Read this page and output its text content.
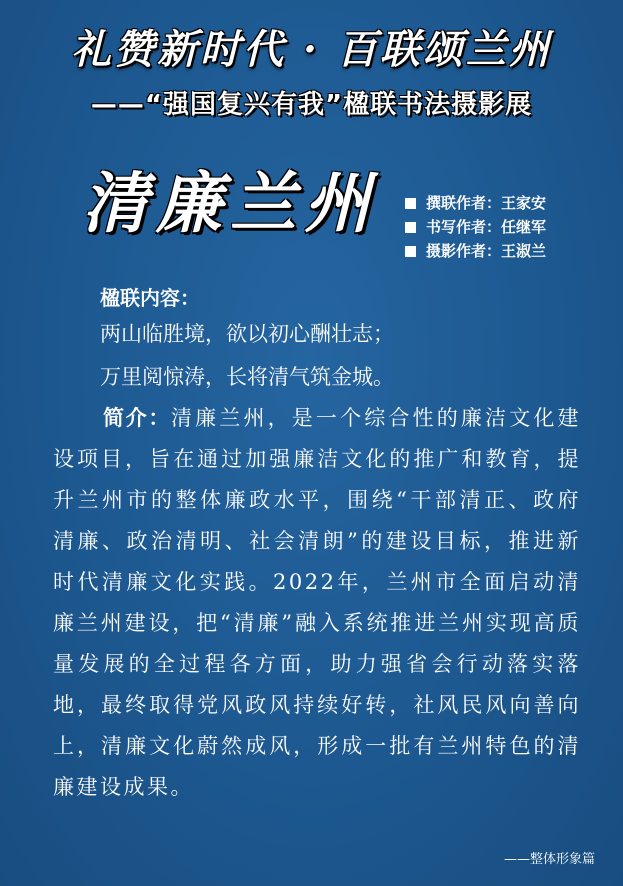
礼赞新时代 · 百联颂兰州
——“强国复兴有我”楹联书法摄影展
清廉兰州	撰联作者：王家安
书写作者：任继军
摄影作者：王淑兰
楹联内容：
两山临胜境，欲以初心酬壮志；
万里阅惊涛，长将清气筑金城。
简介：清廉兰州，是一个综合性的廉洁文化建设项目，旨在通过加强廉洁文化的推广和教育，提升兰州市的整体廉政水平，围绕“干部清正、政府清廉、政治清明、社会清朗”的建设目标，推进新时代清廉文化实践。2022年，兰州市全面启动清廉兰州建设，把“清廉”融入系统推进兰州实现高质量发展的全过程各方面，助力强省会行动落实落地，最终取得党风政风持续好转，社风民风向善向上，清廉文化蔚然成风，形成一批有兰州特色的清廉建设成果。
——整体形象篇
